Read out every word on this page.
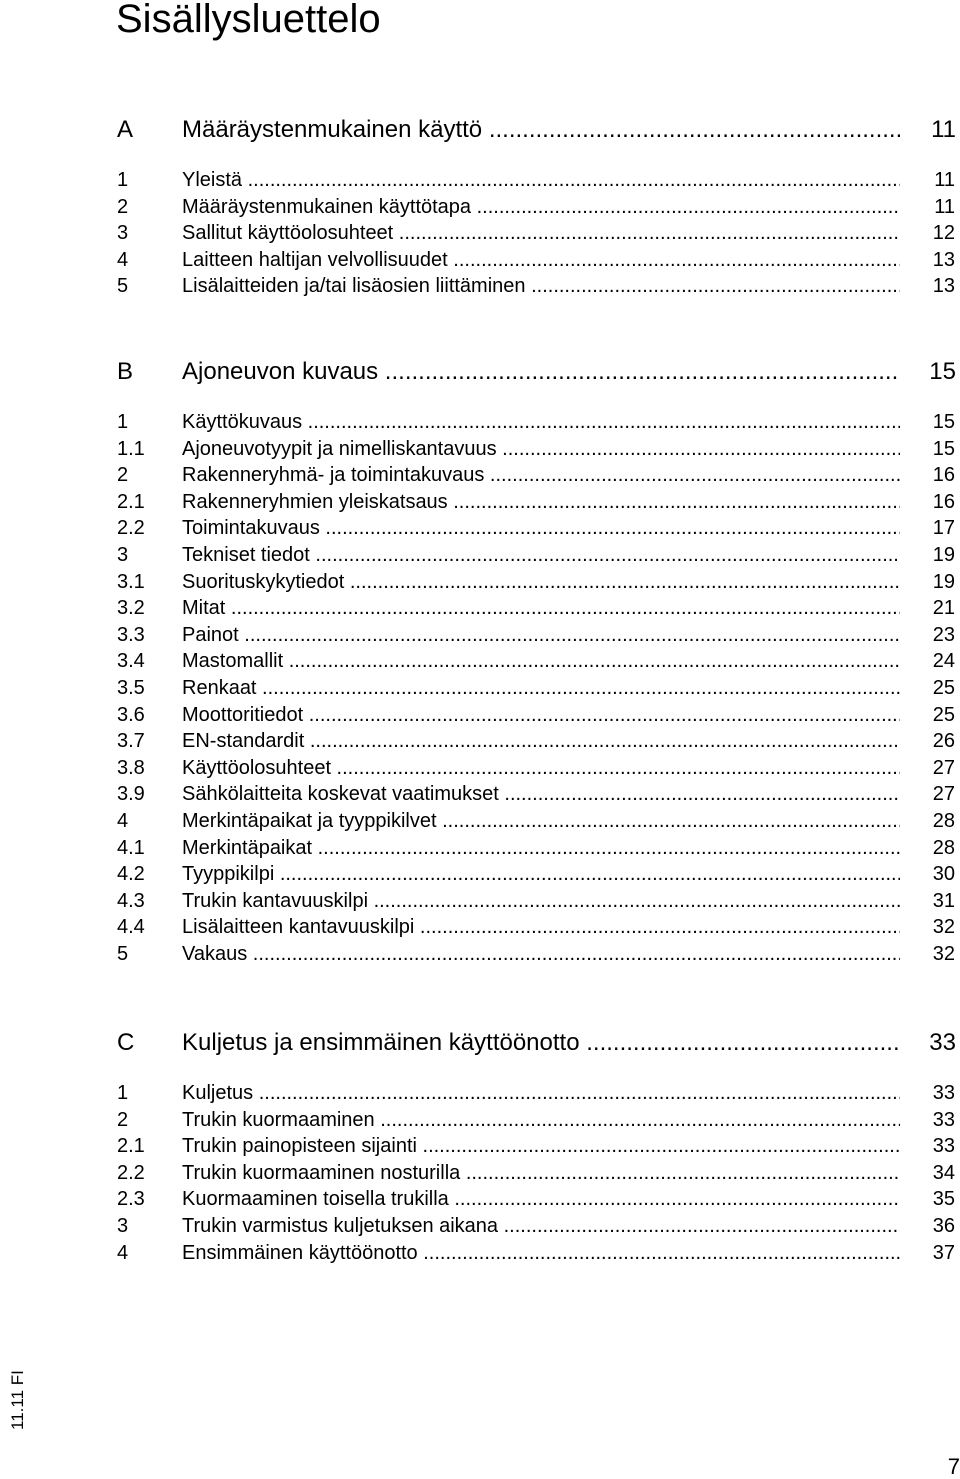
Sisällysluettelo
A Määräystenmukainen käyttö .....	11
1	Yleistä .....	11
2	Määräystenmukainen käyttötapa .....	11
3	Sallitut käyttöolosuhteet .....	12
4	Laitteen haltijan velvollisuudet .....	13
5	Lisälaitteiden ja/tai lisäosien liittäminen .....	13
B Ajoneuvon kuvaus .....	15
1	Käyttökuvaus .....	15
1.1 Ajoneuvotyypit ja nimelliskantavuus .....	15
2	Rakenneryhmä- ja toimintakuvaus .....	16
2.1 Rakenneryhmien yleiskatsaus .....	16
2.2 Toimintakuvaus .....	17
3	Tekniset tiedot .....	19
3.1 Suorituskykytiedot .....	19
3.2 Mitat .....	21
3.3 Painot .....	23
3.4 Mastomallit .....	24
3.5 Renkaat .....	25
3.6 Moottoritiedot .....	25
3.7 EN-standardit .....	26
3.8 Käyttöolosuhteet .....	27
3.9 Sähkölaitteita koskevat vaatimukset .....	27
4	Merkintäpaikat ja tyyppikilvet .....	28
4.1 Merkintäpaikat .....	28
4.2 Tyyppikilpi .....	30
4.3 Trukin kantavuuskilpi .....	31
4.4 Lisälaitteen kantavuuskilpi .....	32
5	Vakaus .....	32
C Kuljetus ja ensimmäinen käyttöönotto .....	33
1	Kuljetus .....	33
2	Trukin kuormaaminen .....	33
2.1 Trukin painopisteen sijainti .....	33
2.2 Trukin kuormaaminen nosturilla .....	34
2.3 Kuormaaminen toisella trukilla .....	35
3	Trukin varmistus kuljetuksen aikana .....	36
4	Ensimmäinen käyttöönotto .....	37
11.11 FI
7
